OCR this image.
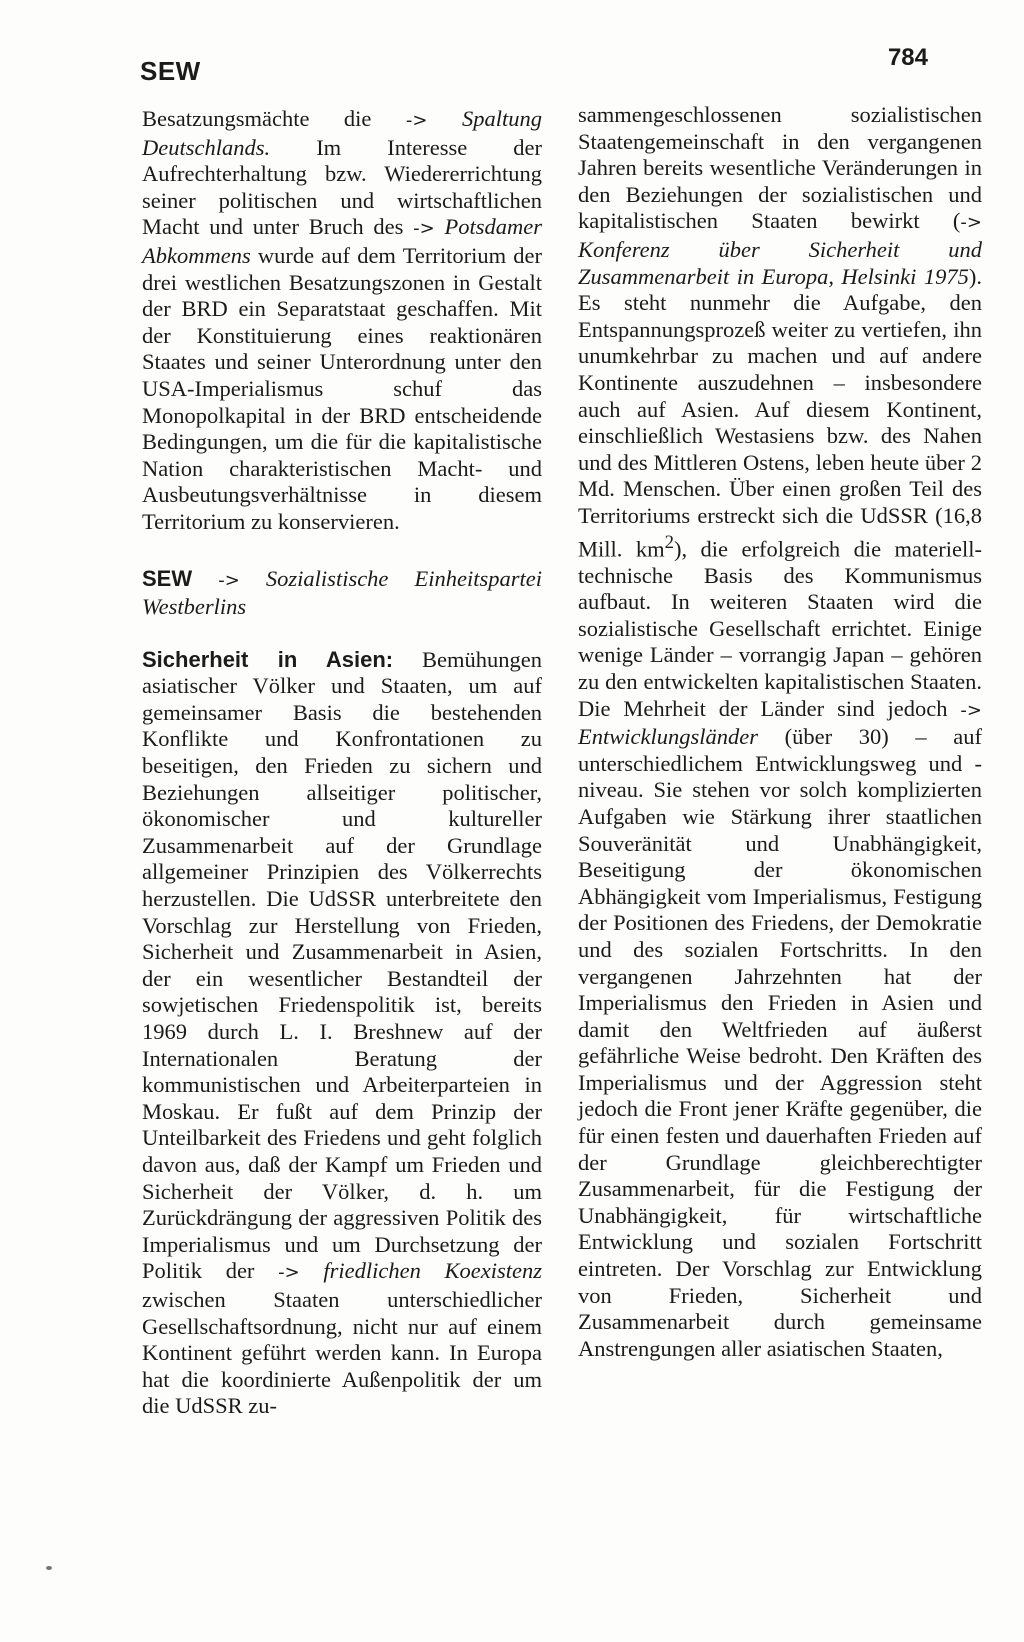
SEW	784

Besatzungsmächte die -> Spaltung Deutschlands. Im Interesse der Aufrechterhaltung bzw. Wiedererrichtung seiner politischen und wirtschaftlichen Macht und unter Bruch des -> Potsdamer Abkommens wurde auf dem Territorium der drei westlichen Besatzungszonen in Gestalt der BRD ein Separatstaat geschaffen. Mit der Konstituierung eines reaktionären Staates und seiner Unterordnung unter den USA-Imperialismus schuf das Monopolkapital in der BRD entscheidende Bedingungen, um die für die kapitalistische Nation charakteristischen Macht- und Ausbeutungsverhältnisse in diesem Territorium zu konservieren.

SEW -> Sozialistische Einheitspartei Westberlins

Sicherheit in Asien: Bemühungen asiatischer Völker und Staaten, um auf gemeinsamer Basis die bestehenden Konflikte und Konfrontationen zu beseitigen, den Frieden zu sichern und Beziehungen allseitiger politischer, ökonomischer und kultureller Zusammenarbeit auf der Grundlage allgemeiner Prinzipien des Völkerrechts herzustellen. Die UdSSR unterbreitete den Vorschlag zur Herstellung von Frieden, Sicherheit und Zusammenarbeit in Asien, der ein wesentlicher Bestandteil der sowjetischen Friedenspolitik ist, bereits 1969 durch L. I. Breshnew auf der Internationalen Beratung der kommunistischen und Arbeiterparteien in Moskau. Er fußt auf dem Prinzip der Unteilbarkeit des Friedens und geht folglich davon aus, daß der Kampf um Frieden und Sicherheit der Völker, d. h. um Zurückdrängung der aggressiven Politik des Imperialismus und um Durchsetzung der Politik der -> friedlichen Koexistenz zwischen Staaten unterschiedlicher Gesellschaftsordnung, nicht nur auf einem Kontinent geführt werden kann. In Europa hat die koordinierte Außenpolitik der um die UdSSR zu-

sammengeschlossenen sozialistischen Staatengemeinschaft in den vergangenen Jahren bereits wesentliche Veränderungen in den Beziehungen der sozialistischen und kapitalistischen Staaten bewirkt (-> Konferenz über Sicherheit und Zusammenarbeit in Europa, Helsinki 1975). Es steht nunmehr die Aufgabe, den Entspannungsprozeß weiter zu vertiefen, ihn unumkehrbar zu machen und auf andere Kontinente auszudehnen – insbesondere auch auf Asien. Auf diesem Kontinent, einschließlich Westasiens bzw. des Nahen und des Mittleren Ostens, leben heute über 2 Md. Menschen. Über einen großen Teil des Territoriums erstreckt sich die UdSSR (16,8 Mill. $km^2$), die erfolgreich die materiell-technische Basis des Kommunismus aufbaut. In weiteren Staaten wird die sozialistische Gesellschaft errichtet. Einige wenige Länder – vorrangig Japan – gehören zu den entwickelten kapitalistischen Staaten. Die Mehrheit der Länder sind jedoch -> Entwicklungsländer (über 30) – auf unterschiedlichem Entwicklungsweg und -niveau. Sie stehen vor solch komplizierten Aufgaben wie Stärkung ihrer staatlichen Souveränität und Unabhängigkeit, Beseitigung der ökonomischen Abhängigkeit vom Imperialismus, Festigung der Positionen des Friedens, der Demokratie und des sozialen Fortschritts. In den vergangenen Jahrzehnten hat der Imperialismus den Frieden in Asien und damit den Weltfrieden auf äußerst gefährliche Weise bedroht. Den Kräften des Imperialismus und der Aggression steht jedoch die Front jener Kräfte gegenüber, die für einen festen und dauerhaften Frieden auf der Grundlage gleichberechtigter Zusammenarbeit, für die Festigung der Unabhängigkeit, für wirtschaftliche Entwicklung und sozialen Fortschritt eintreten. Der Vorschlag zur Entwicklung von Frieden, Sicherheit und Zusammenarbeit durch gemeinsame Anstrengungen aller asiatischen Staaten,
